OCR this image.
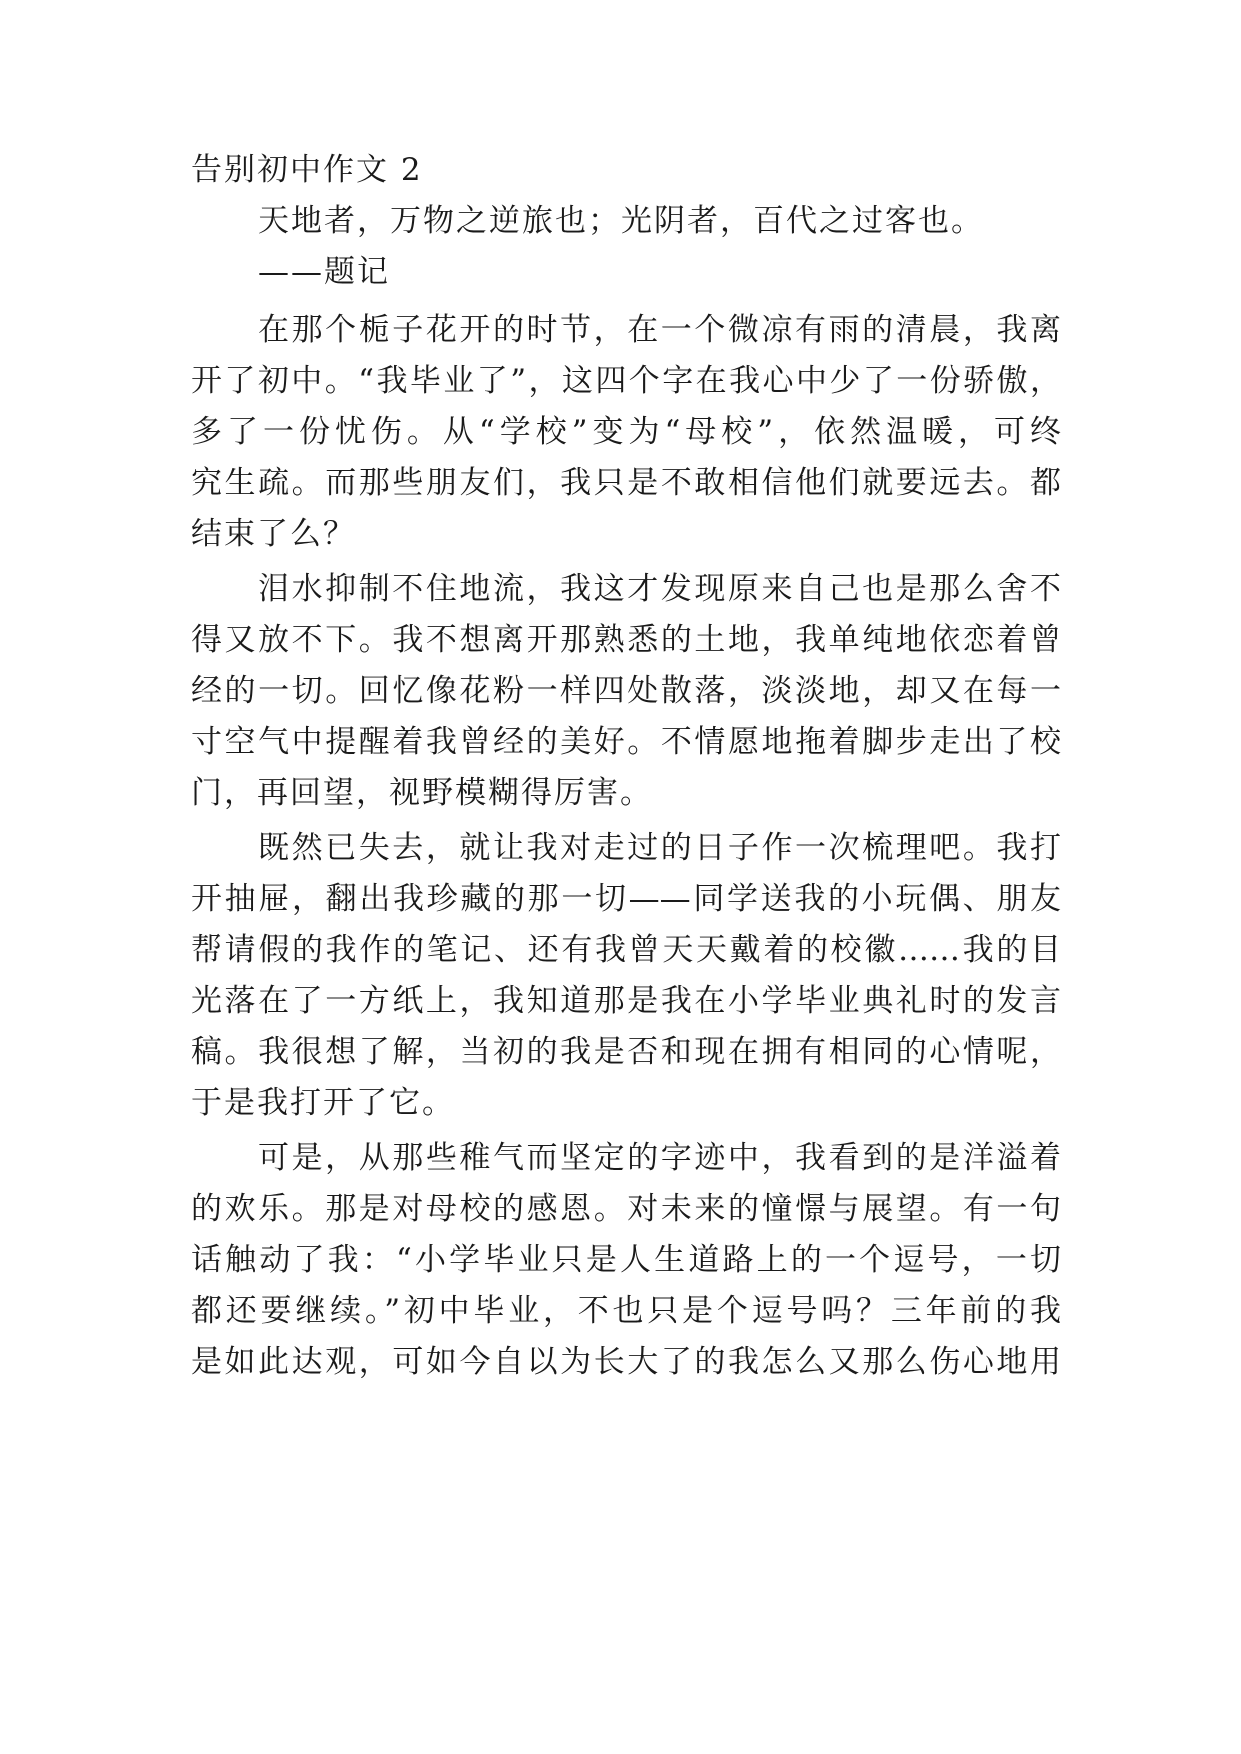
告别初中作文 2
天地者，万物之逆旅也；光阴者，百代之过客也。
——题记
在那个栀子花开的时节，在一个微凉有雨的清晨，我离
开了初中。“我毕业了”，这四个字在我心中少了一份骄傲，
多了一份忧伤。从“学校”变为“母校”，依然温暖，可终
究生疏。而那些朋友们，我只是不敢相信他们就要远去。都
结束了么？
泪水抑制不住地流，我这才发现原来自己也是那么舍不
得又放不下。我不想离开那熟悉的土地，我单纯地依恋着曾
经的一切。回忆像花粉一样四处散落，淡淡地，却又在每一
寸空气中提醒着我曾经的美好。不情愿地拖着脚步走出了校
门，再回望，视野模糊得厉害。
既然已失去，就让我对走过的日子作一次梳理吧。我打
开抽屉，翻出我珍藏的那一切——同学送我的小玩偶、朋友
帮请假的我作的笔记、还有我曾天天戴着的校徽……我的目
光落在了一方纸上，我知道那是我在小学毕业典礼时的发言
稿。我很想了解，当初的我是否和现在拥有相同的心情呢，
于是我打开了它。
可是，从那些稚气而坚定的字迹中，我看到的是洋溢着
的欢乐。那是对母校的感恩。对未来的憧憬与展望。有一句
话触动了我：“小学毕业只是人生道路上的一个逗号，一切
都还要继续。”初中毕业，不也只是个逗号吗？三年前的我
是如此达观，可如今自以为长大了的我怎么又那么伤心地用
